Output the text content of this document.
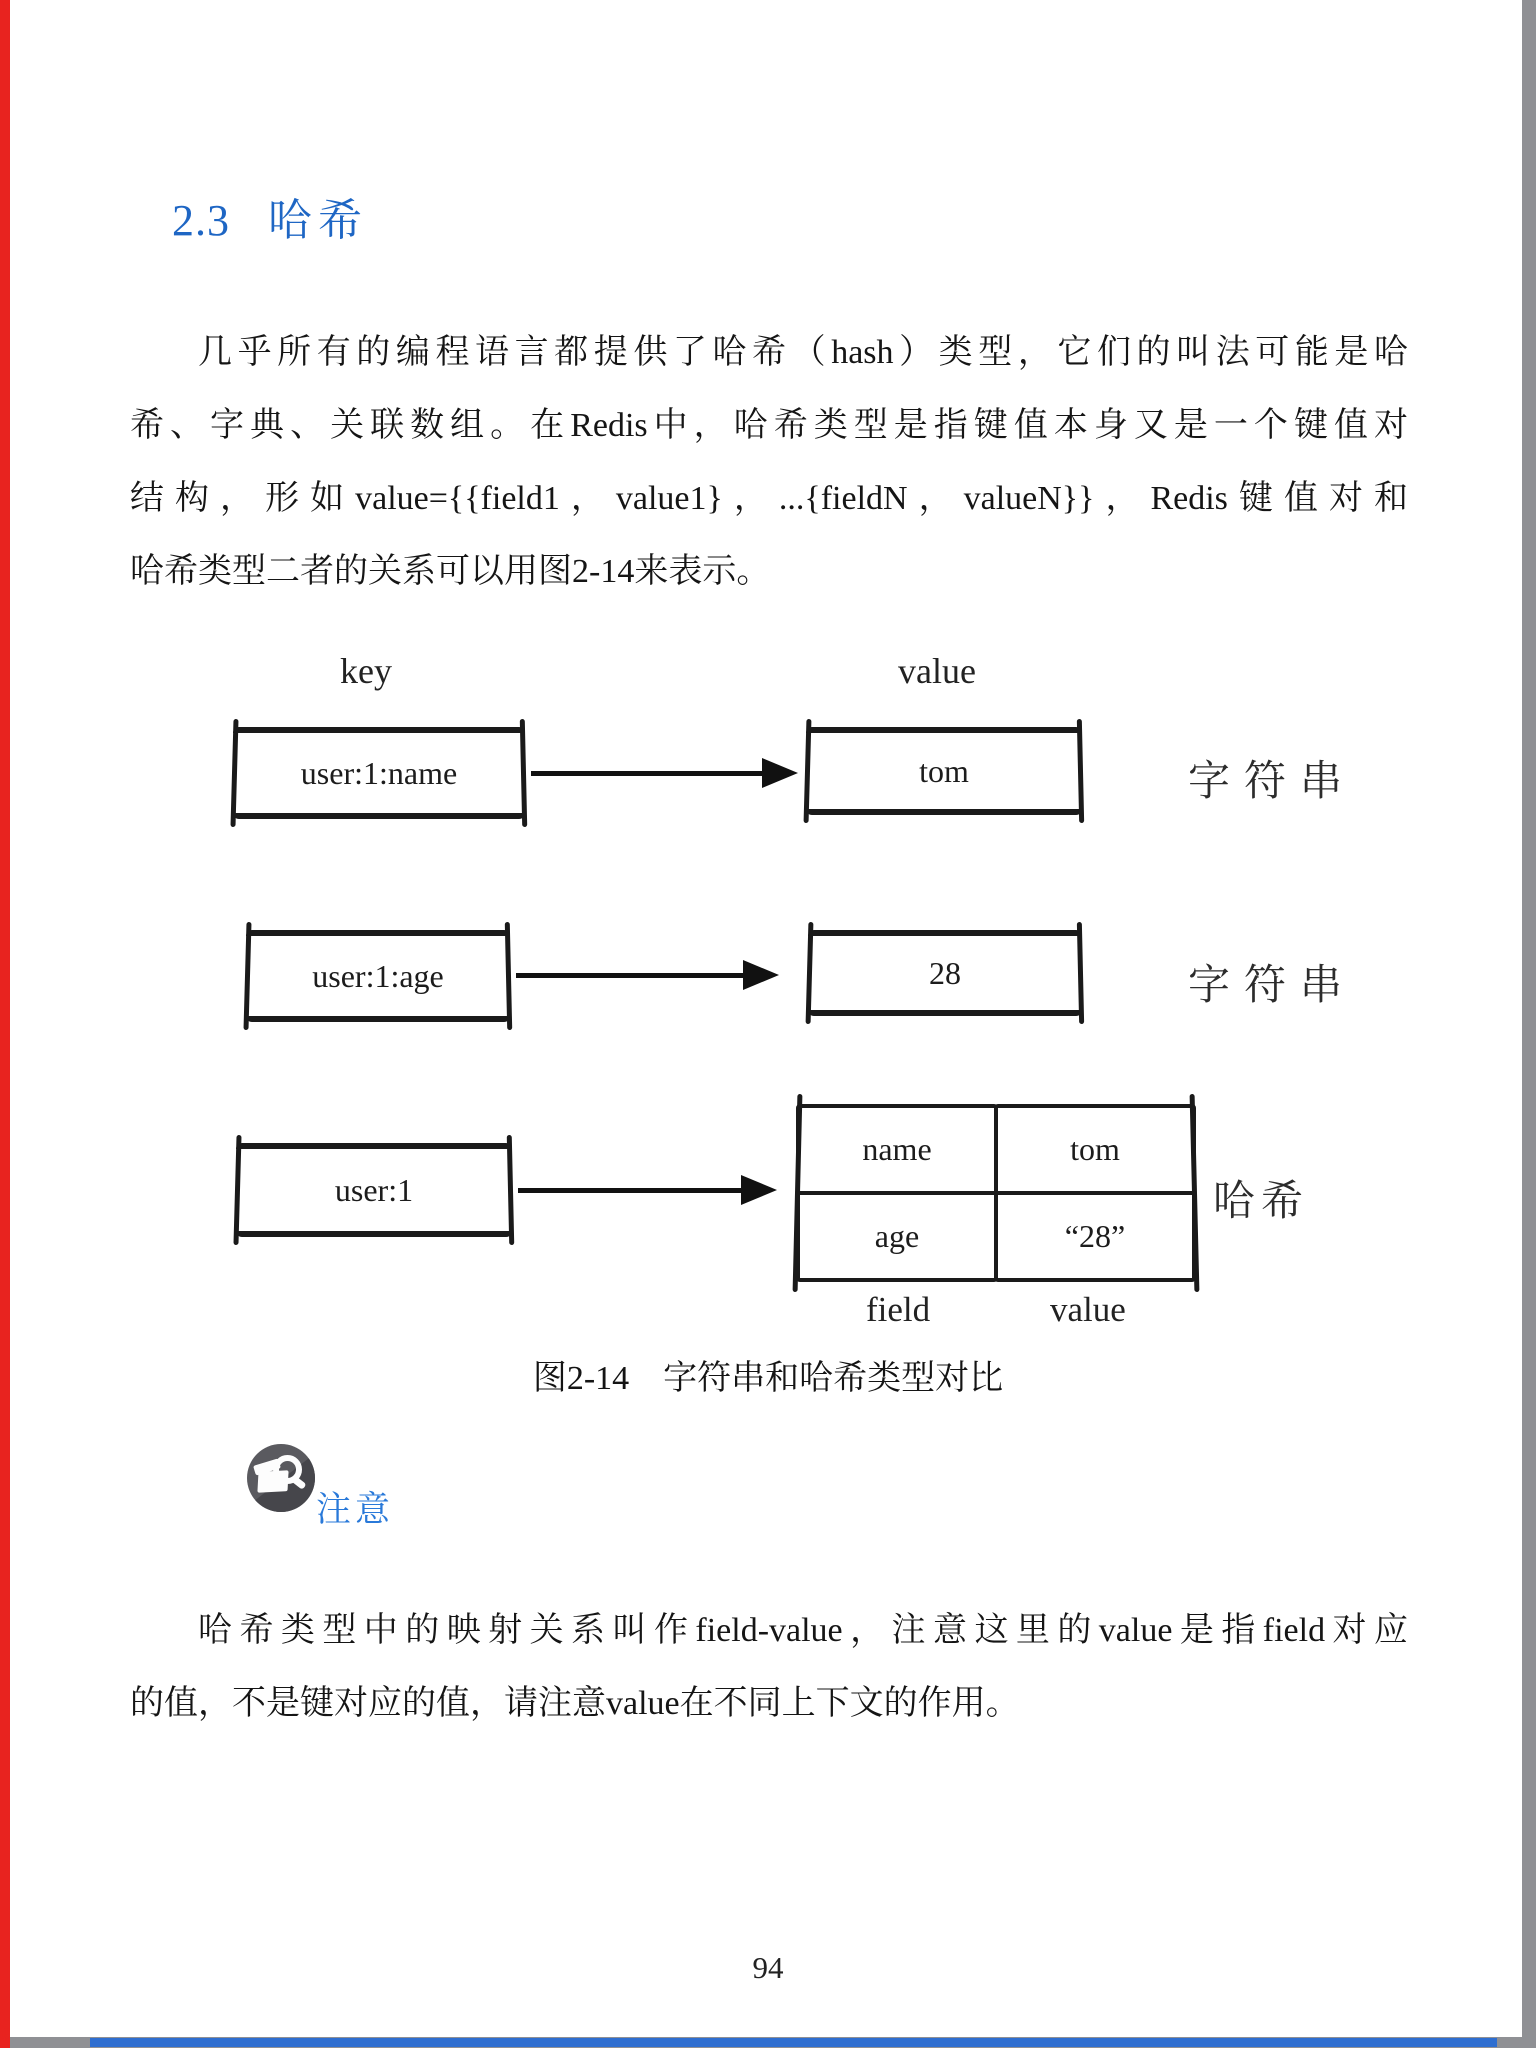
2.3 哈希
几乎所有的编程语言都提供了哈希（hash）类型，它们的叫法可能是哈
希、字典、关联数组。在Redis中，哈希类型是指键值本身又是一个键值对
结构，形如value={{field1，value1}，...{fieldN，valueN}}，Redis键值对和
哈希类型二者的关系可以用图2-14来表示。
key	value
user:1:name	tom	字符串
user:1:age	28	字符串
user:1
name	tom
age	“28”
哈希
field	value
图2-14　字符串和哈希类型对比
注意
哈希类型中的映射关系叫作field-value，注意这里的value是指field对应
的值，不是键对应的值，请注意value在不同上下文的作用。
94
